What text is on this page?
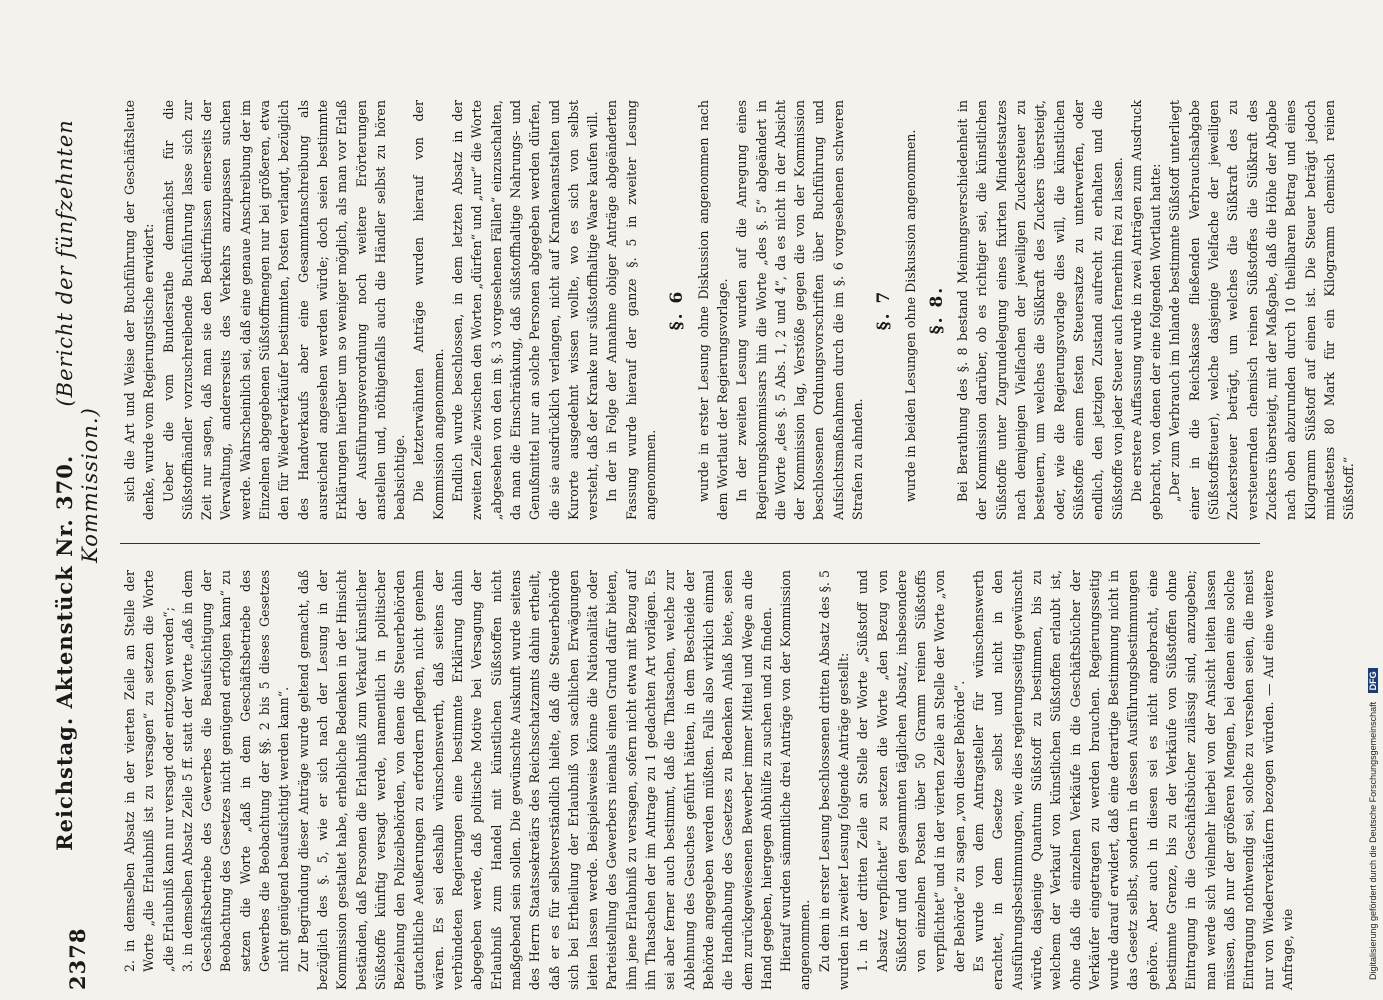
2378
Reichstag. Aktenstück Nr. 370. (Bericht der fünfzehnten Kommission.)

2. in demselben Absatz in der vierten Zeile an Stelle der Worte „die Erlaubniß ist zu versagen“ zu setzen die Worte „die Erlaubniß kann nur versagt oder entzogen werden“; 3. in demselben Absatz Zeile 5 ff. statt der Worte „daß in dem Geschäftsbetriebe des Gewerbes die Beaufsichtigung der Beobachtung des Gesetzes nicht genügend erfolgen kann“ zu setzen die Worte „daß in dem Geschäftsbetriebe des Gewerbes die Beobachtung der §§. 2 bis 5 dieses Gesetzes nicht genügend beaufsichtigt werden kann“. Zur Begründung dieser Anträge wurde geltend gemacht, daß bezüglich des §. 5, wie er sich nach der Lesung in der Kommission gestaltet habe, erhebliche Bedenken in der Hinsicht beständen, daß Personen die Erlaubniß zum Verkauf künstlicher Süßstoffe künftig versagt werde, namentlich in politischer Beziehung den Polizeibehörden, von denen die Steuerbehörden gutachtliche Aeußerungen zu erfordern pflegten, nicht genehm wären. Es sei deshalb wünschenswerth, daß seitens der verbündeten Regierungen eine bestimmte Erklärung dahin abgegeben werde, daß politische Motive bei Versagung der Erlaubniß zum Handel mit künstlichen Süßstoffen nicht maßgebend sein sollen. Die gewünschte Auskunft wurde seitens des Herrn Staatssekretärs des Reichsschatzamts dahin ertheilt, daß er es für selbstverständlich hielte, daß die Steuerbehörde sich bei Ertheilung der Erlaubniß von sachlichen Erwägungen leiten lassen werde. Beispielsweise könne die Nationalität oder Parteistellung des Gewerbers niemals einen Grund dafür bieten, ihm jene Erlaubniß zu versagen, sofern nicht etwa mit Bezug auf ihn Thatsachen der im Antrage zu 1 gedachten Art vorlägen. Es sei aber ferner auch bestimmt, daß die Thatsachen, welche zur Ablehnung des Gesuches geführt hätten, in dem Bescheide der Behörde angegeben werden müßten. Falls also wirklich einmal die Handhabung des Gesetzes zu Bedenken Anlaß biete, seien dem zurückgewiesenen Bewerber immer Mittel und Wege an die Hand gegeben, hiergegen Abhülfe zu suchen und zu finden. Hierauf wurden sämmtliche drei Anträge von der Kommission angenommen. Zu dem in erster Lesung beschlossenen dritten Absatz des §. 5 wurden in zweiter Lesung folgende Anträge gestellt: 1. in der dritten Zeile an Stelle der Worte „Süßstoff und Absatz verpflichtet“ zu setzen die Worte „den Bezug von Süßstoff und den gesammten täglichen Absatz, insbesondere von einzelnen Posten über 50 Gramm reinen Süßstoffs verpflichtet“ und in der vierten Zeile an Stelle der Worte „von der Behörde“ zu sagen „von dieser Behörde“. Es wurde von dem Antragsteller für wünschenswerth erachtet, in dem Gesetze selbst und nicht in den Ausführungsbestimmungen, wie dies regierungsseitig gewünscht würde, dasjenige Quantum Süßstoff zu bestimmen, bis zu welchem der Verkauf von künstlichen Süßstoffen erlaubt ist, ohne daß die einzelnen Verkäufe in die Geschäftsbücher der Verkäufer eingetragen zu werden brauchen. Regierungsseitig wurde darauf erwidert, daß eine derartige Bestimmung nicht in das Gesetz selbst, sondern in dessen Ausführungsbestimmungen gehöre. Aber auch in diesen sei es nicht angebracht, eine bestimmte Grenze, bis zu der Verkäufe von Süßstoffen ohne Eintragung in die Geschäftsbücher zulässig sind, anzugeben; man werde sich vielmehr hierbei von der Ansicht leiten lassen müssen, daß nur der größeren Mengen, bei denen eine solche Eintragung nothwendig sei, solche zu versehen seien, die meist nur von Wiederverkäufern bezogen würden. — Auf eine weitere Anfrage, wie

sich die Art und Weise der Buchführung der Geschäftsleute denke, wurde vom Regierungstische erwidert: Ueber die vom Bundesrathe demnächst für die Süßstoffhändler vorzuschreibende Buchführung lasse sich zur Zeit nur sagen, daß man sie den Bedürfnissen einerseits der Verwaltung, andererseits des Verkehrs anzupassen suchen werde. Wahrscheinlich sei, daß eine genaue Anschreibung der im Einzelnen abgegebenen Süßstoffmengen nur bei größeren, etwa den für Wiederverkäufer bestimmten, Posten verlangt, bezüglich des Handverkaufs aber eine Gesammtanschreibung als ausreichend angesehen werden würde; doch seien bestimmte Erklärungen hierüber um so weniger möglich, als man vor Erlaß der Ausführungsverordnung noch weitere Erörterungen anstellen und, nöthigenfalls auch die Händler selbst zu hören beabsichtige. Die letzterwähnten Anträge wurden hierauf von der Kommission angenommen. Endlich wurde beschlossen, in dem letzten Absatz in der zweiten Zeile zwischen den Worten „dürfen“ und „nur“ die Worte „abgesehen von den im §. 3 vorgesehenen Fällen“ einzuschalten, da man die Einschränkung, daß süßstoffhaltige Nahrungs- und Genußmittel nur an solche Personen abgegeben werden dürfen, die sie ausdrücklich verlangen, nicht auf Krankenanstalten und Kurorte ausgedehnt wissen wollte, wo es sich von selbst versteht, daß der Kranke nur süßstoffhaltige Waare kaufen will. In der in Folge der Annahme obiger Anträge abgeänderten Fassung wurde hierauf der ganze §. 5 in zweiter Lesung angenommen.

§. 6 wurde in erster Lesung ohne Diskussion angenommen nach dem Wortlaut der Regierungsvorlage. In der zweiten Lesung wurden auf die Anregung eines Regierungskommissars hin die Worte „des §. 5“ abgeändert in die Worte „des §. 5 Abs. 1, 2 und 4“, da es nicht in der Absicht der Kommission lag, Verstöße gegen die von der Kommission beschlossenen Ordnungsvorschriften über Buchführung und Aufsichtsmaßnahmen durch die im §. 6 vorgesehenen schweren Strafen zu ahnden.

§. 7 wurde in beiden Lesungen ohne Diskussion angenommen. §. 8. Bei Berathung des §. 8 bestand Meinungsverschiedenheit in der Kommission darüber, ob es richtiger sei, die künstlichen Süßstoffe unter Zugrundelegung eines fixirten Mindestsatzes nach demjenigen Vielfachen der jeweiligen Zuckersteuer zu besteuern, um welches die Süßkraft des Zuckers übersteigt, oder, wie die Regierungsvorlage dies will, die künstlichen Süßstoffe einem festen Steuersatze zu unterwerfen, oder endlich, den jetzigen Zustand aufrecht zu erhalten und die Süßstoffe von jeder Steuer auch fernerhin frei zu lassen. Die erstere Auffassung wurde in zwei Anträgen zum Ausdruck gebracht, von denen der eine folgenden Wortlaut hatte: „Der zum Verbrauch im Inlande bestimmte Süßstoff unterliegt einer in die Reichskasse fließenden Verbrauchsabgabe (Süßstoffsteuer), welche dasjenige Vielfache der jeweiligen Zuckersteuer beträgt, um welches die Süßkraft des zu versteuernden chemisch reinen Süßstoffes die Süßkraft des Zuckers übersteigt, mit der Maßgabe, daß die Höhe der Abgabe nach oben abzurunden durch 10 theilbaren Betrag und eines Kilogramm Süßstoff auf einen ist. Die Steuer beträgt jedoch mindestens 80 Mark für ein Kilogramm chemisch reinen Süßstoff.“

Digitalisierung gefördert durch die Deutsche Forschungsgemeinschaft DFG
